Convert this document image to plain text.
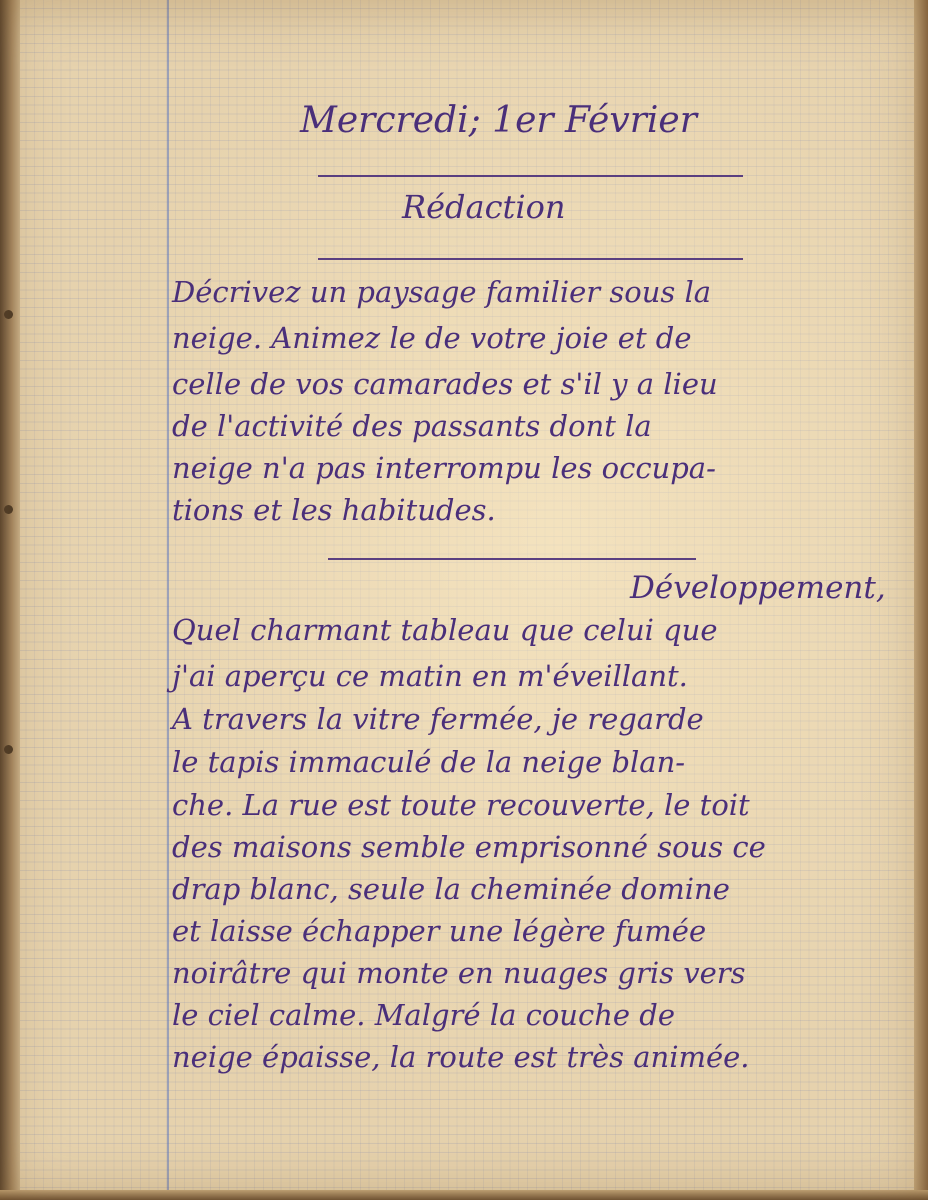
Mercredi; 1er Février

Rédaction

Décrivez un paysage familier sous la

neige. Animez le de votre joie et de

celle de vos camarades et s'il y a lieu

de l'activité des passants dont la

neige n'a pas interrompu les occupa-

tions et les habitudes.

Développement,

Quel charmant tableau que celui que

j'ai aperçu ce matin en m'éveillant.

A travers la vitre fermée, je regarde

le tapis immaculé de la neige blan-

che. La rue est toute recouverte, le toit

des maisons semble emprisonné sous ce

drap blanc, seule la cheminée domine

et laisse échapper une légère fumée

noirâtre qui monte en nuages gris vers

le ciel calme. Malgré la couche de

neige épaisse, la route est très animée.
